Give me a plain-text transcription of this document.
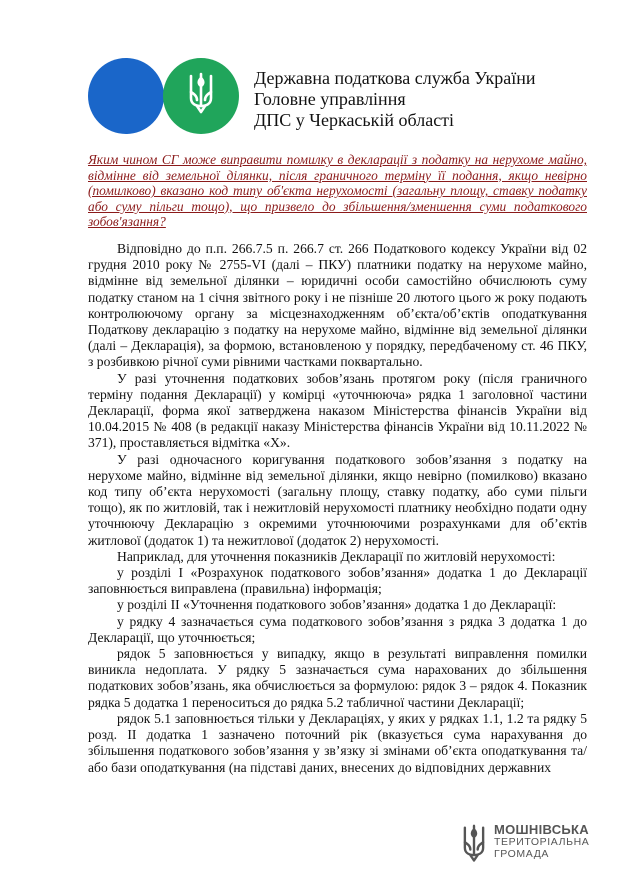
Державна податкова служба України
Головне управління
ДПС у Черкаській області
Яким чином СГ може виправити помилку в декларації з податку на нерухоме майно, відмінне від земельної ділянки, після граничного терміну її подання, якщо невірно (помилково) вказано код типу об'єкта нерухомості (загальну площу, ставку податку або суму пільги тощо), що призвело до збільшення/зменшення суми податкового зобов'язання?

Відповідно до п.п. 266.7.5 п. 266.7 ст. 266 Податкового кодексу України від 02 грудня 2010 року № 2755-VI (далі – ПКУ) платники податку на нерухоме майно, відмінне від земельної ділянки – юридичні особи самостійно обчислюють суму податку станом на 1 січня звітного року і не пізніше 20 лютого цього ж року подають контролюючому органу за місцезнаходженням об’єкта/об’єктів оподаткування Податкову декларацію з податку на нерухоме майно, відмінне від земельної ділянки (далі – Декларація), за формою, встановленою у порядку, передбаченому ст. 46 ПКУ, з розбивкою річної суми рівними частками поквартально.

У разі уточнення податкових зобов’язань протягом року (після граничного терміну подання Декларації) у комірці «уточнююча» рядка 1 заголовної частини Декларації, форма якої затверджена наказом Міністерства фінансів України від 10.04.2015 № 408 (в редакції наказу Міністерства фінансів України від 10.11.2022 № 371), проставляється відмітка «Х».

У разі одночасного коригування податкового зобов’язання з податку на нерухоме майно, відмінне від земельної ділянки, якщо невірно (помилково) вказано код типу об’єкта нерухомості (загальну площу, ставку податку, або суми пільги тощо), як по житловій, так і нежитловій нерухомості платнику необхідно подати одну уточнюючу Декларацію з окремими уточнюючими розрахунками для об’єктів житлової (додаток 1) та нежитлової (додаток 2) нерухомості.

Наприклад, для уточнення показників Декларації по житловій нерухомості:

у розділі І «Розрахунок податкового зобов’язання» додатка 1 до Декларації заповнюється виправлена (правильна) інформація;

у розділі ІІ «Уточнення податкового зобов’язання» додатка 1 до Декларації:

у рядку 4 зазначається сума податкового зобов’язання з рядка 3 додатка 1 до Декларації, що уточнюється;

рядок 5 заповнюється у випадку, якщо в результаті виправлення помилки виникла недоплата. У рядку 5 зазначається сума нарахованих до збільшення податкових зобов’язань, яка обчислюється за формулою: рядок 3 – рядок 4. Показник рядка 5 додатка 1 переноситься до рядка 5.2 табличної частини Декларації;

рядок 5.1 заповнюється тільки у Деклараціях, у яких у рядках 1.1, 1.2 та рядку 5 розд. ІІ додатка 1 зазначено поточний рік (вказується сума нарахування до збільшення податкового зобов’язання у зв’язку зі змінами об’єкта оподаткування та/або бази оподаткування (на підставі даних, внесених до відповідних державних

МОШНІВСЬКА
ТЕРИТОРІАЛЬНА
ГРОМАДА
